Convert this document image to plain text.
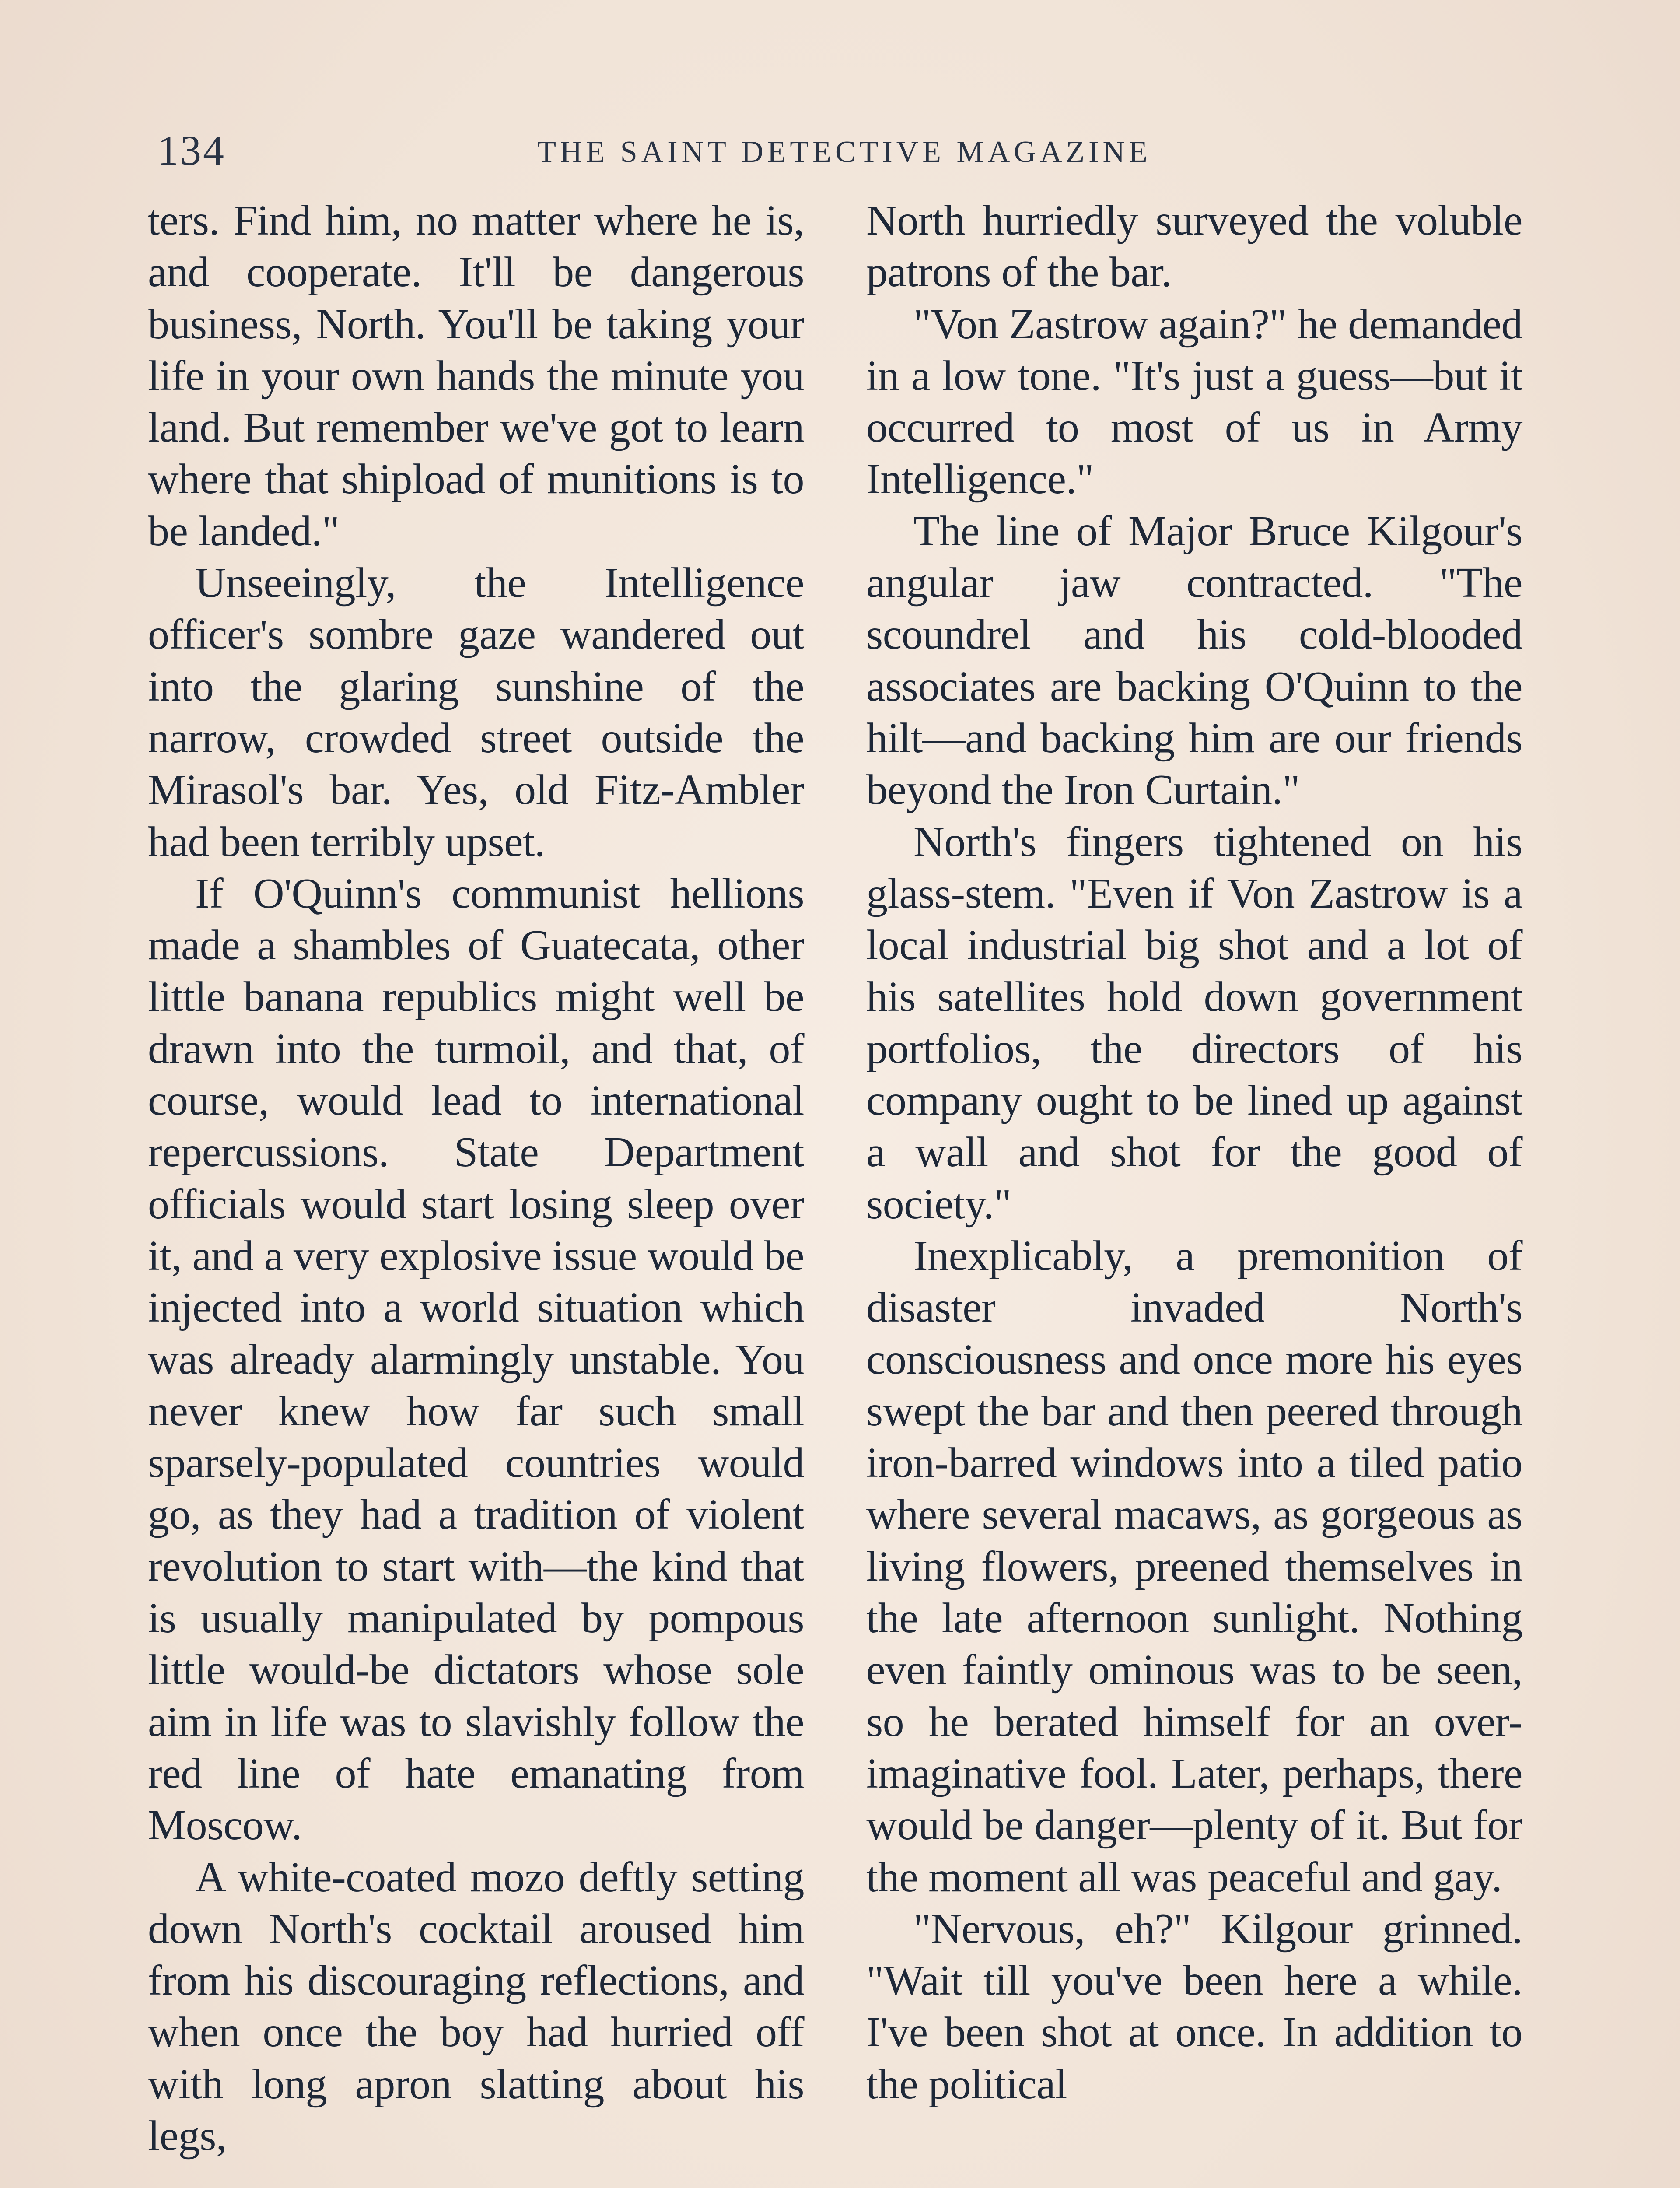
134	THE SAINT DETECTIVE MAGAZINE

ters. Find him, no matter where he is, and cooperate. It'll be dangerous business, North. You'll be taking your life in your own hands the minute you land. But remember we've got to learn where that shipload of munitions is to be landed."

Unseeingly, the Intelligence officer's sombre gaze wandered out into the glaring sunshine of the narrow, crowded street outside the Mirasol's bar. Yes, old Fitz-Ambler had been terribly upset.

If O'Quinn's communist hellions made a shambles of Guatecata, other little banana republics might well be drawn into the turmoil, and that, of course, would lead to international repercussions. State Department officials would start losing sleep over it, and a very explosive issue would be injected into a world situation which was already alarmingly unstable. You never knew how far such small sparsely-populated countries would go, as they had a tradition of violent revolution to start with—the kind that is usually manipulated by pompous little would-be dictators whose sole aim in life was to slavishly follow the red line of hate emanating from Moscow.

A white-coated mozo deftly setting down North's cocktail aroused him from his discouraging reflections, and when once the boy had hurried off with long apron slatting about his legs,

North hurriedly surveyed the voluble patrons of the bar.

"Von Zastrow again?" he demanded in a low tone. "It's just a guess—but it occurred to most of us in Army Intelligence."

The line of Major Bruce Kilgour's angular jaw contracted. "The scoundrel and his cold-blooded associates are backing O'Quinn to the hilt—and backing him are our friends beyond the Iron Curtain."

North's fingers tightened on his glass-stem. "Even if Von Zastrow is a local industrial big shot and a lot of his satellites hold down government portfolios, the directors of his company ought to be lined up against a wall and shot for the good of society."

Inexplicably, a premonition of disaster invaded North's consciousness and once more his eyes swept the bar and then peered through iron-barred windows into a tiled patio where several macaws, as gorgeous as living flowers, preened themselves in the late afternoon sunlight. Nothing even faintly ominous was to be seen, so he berated himself for an over-imaginative fool. Later, perhaps, there would be danger—plenty of it. But for the moment all was peaceful and gay.

"Nervous, eh?" Kilgour grinned. "Wait till you've been here a while. I've been shot at once. In addition to the political
